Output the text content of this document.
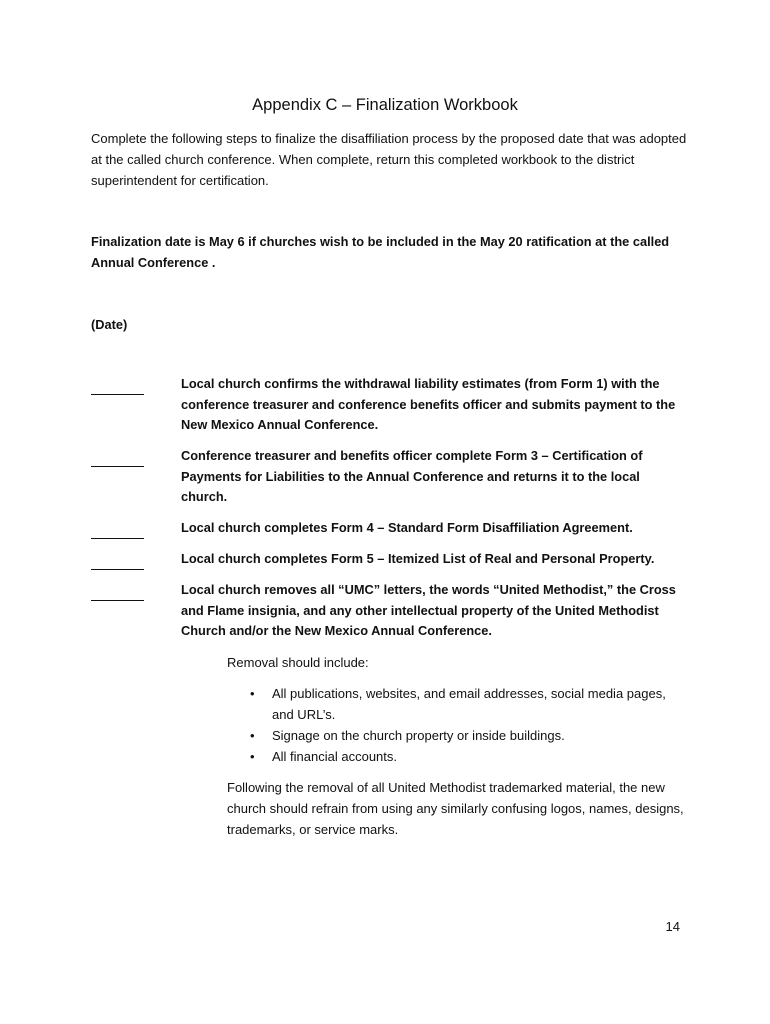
Appendix C – Finalization Workbook
Complete the following steps to finalize the disaffiliation process by the proposed date that was adopted at the called church conference. When complete, return this completed workbook to the district superintendent for certification.
Finalization date is May 6 if churches wish to be included in the May 20 ratification at the called Annual Conference .
(Date)
Local church confirms the withdrawal liability estimates (from Form 1) with the conference treasurer and conference benefits officer and submits payment to the New Mexico Annual Conference.
Conference treasurer and benefits officer complete Form 3 – Certification of Payments for Liabilities to the Annual Conference and returns it to the local church.
Local church completes Form 4 – Standard Form Disaffiliation Agreement.
Local church completes Form 5 – Itemized List of Real and Personal Property.
Local church removes all “UMC” letters, the words “United Methodist,” the Cross and Flame insignia, and any other intellectual property of the United Methodist Church and/or the New Mexico Annual Conference.
Removal should include:
• All publications, websites, and email addresses, social media pages, and URL’s.
• Signage on the church property or inside buildings.
• All financial accounts.
Following the removal of all United Methodist trademarked material, the new church should refrain from using any similarly confusing logos, names, designs, trademarks, or service marks.
14
